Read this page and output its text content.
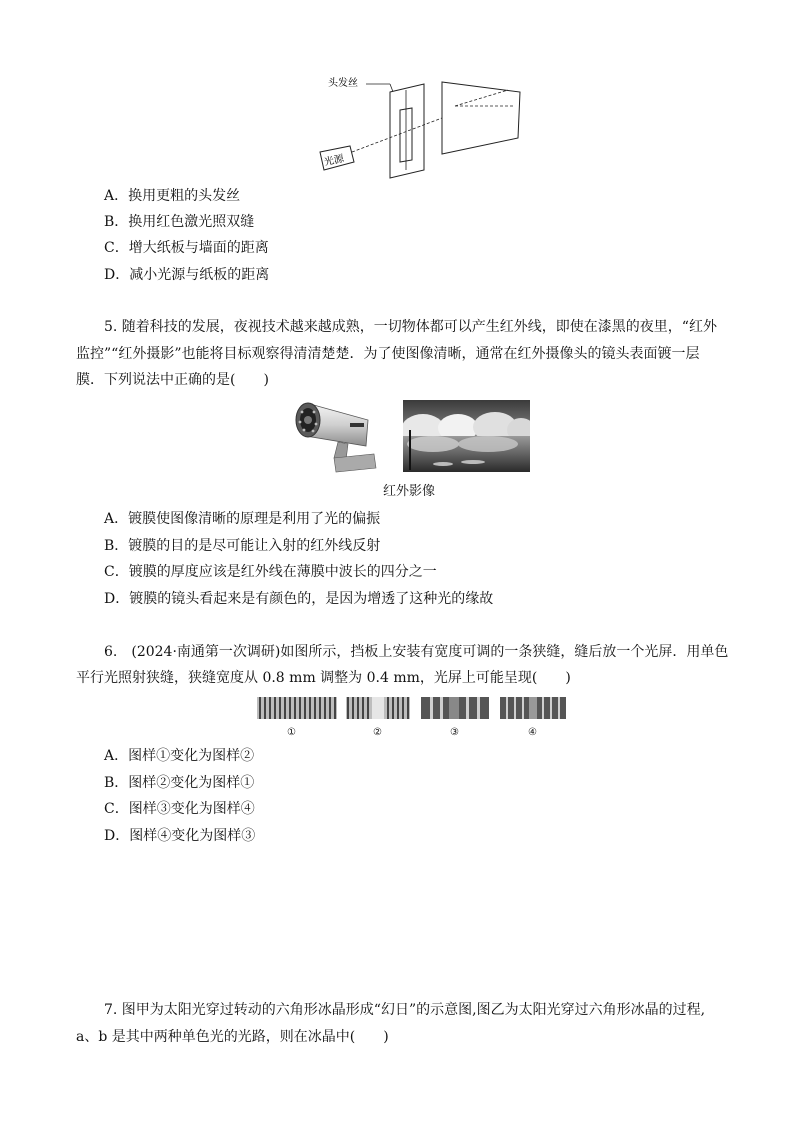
头发丝
光源
A．换用更粗的头发丝
B．换用红色激光照双缝
C．增大纸板与墙面的距离
D．减小光源与纸板的距离
5. 随着科技的发展，夜视技术越来越成熟，一切物体都可以产生红外线，即使在漆黑的夜里，“红外
监控”“红外摄影”也能将目标观察得清清楚楚．为了使图像清晰，通常在红外摄像头的镜头表面镀一层
膜．下列说法中正确的是(　　)
红外影像
A．镀膜使图像清晰的原理是利用了光的偏振
B．镀膜的目的是尽可能让入射的红外线反射
C．镀膜的厚度应该是红外线在薄膜中波长的四分之一
D．镀膜的镜头看起来是有颜色的，是因为增透了这种光的缘故
6.　(2024·南通第一次调研)如图所示，挡板上安装有宽度可调的一条狭缝，缝后放一个光屏．用单色
平行光照射狭缝，狭缝宽度从 0.8 mm 调整为 0.4 mm，光屏上可能呈现(　　)
①	②	③	④
A．图样①变化为图样②
B．图样②变化为图样①
C．图样③变化为图样④
D．图样④变化为图样③
7. 图甲为太阳光穿过转动的六角形冰晶形成“幻日”的示意图,图乙为太阳光穿过六角形冰晶的过程,
a、b 是其中两种单色光的光路，则在冰晶中(　　)
